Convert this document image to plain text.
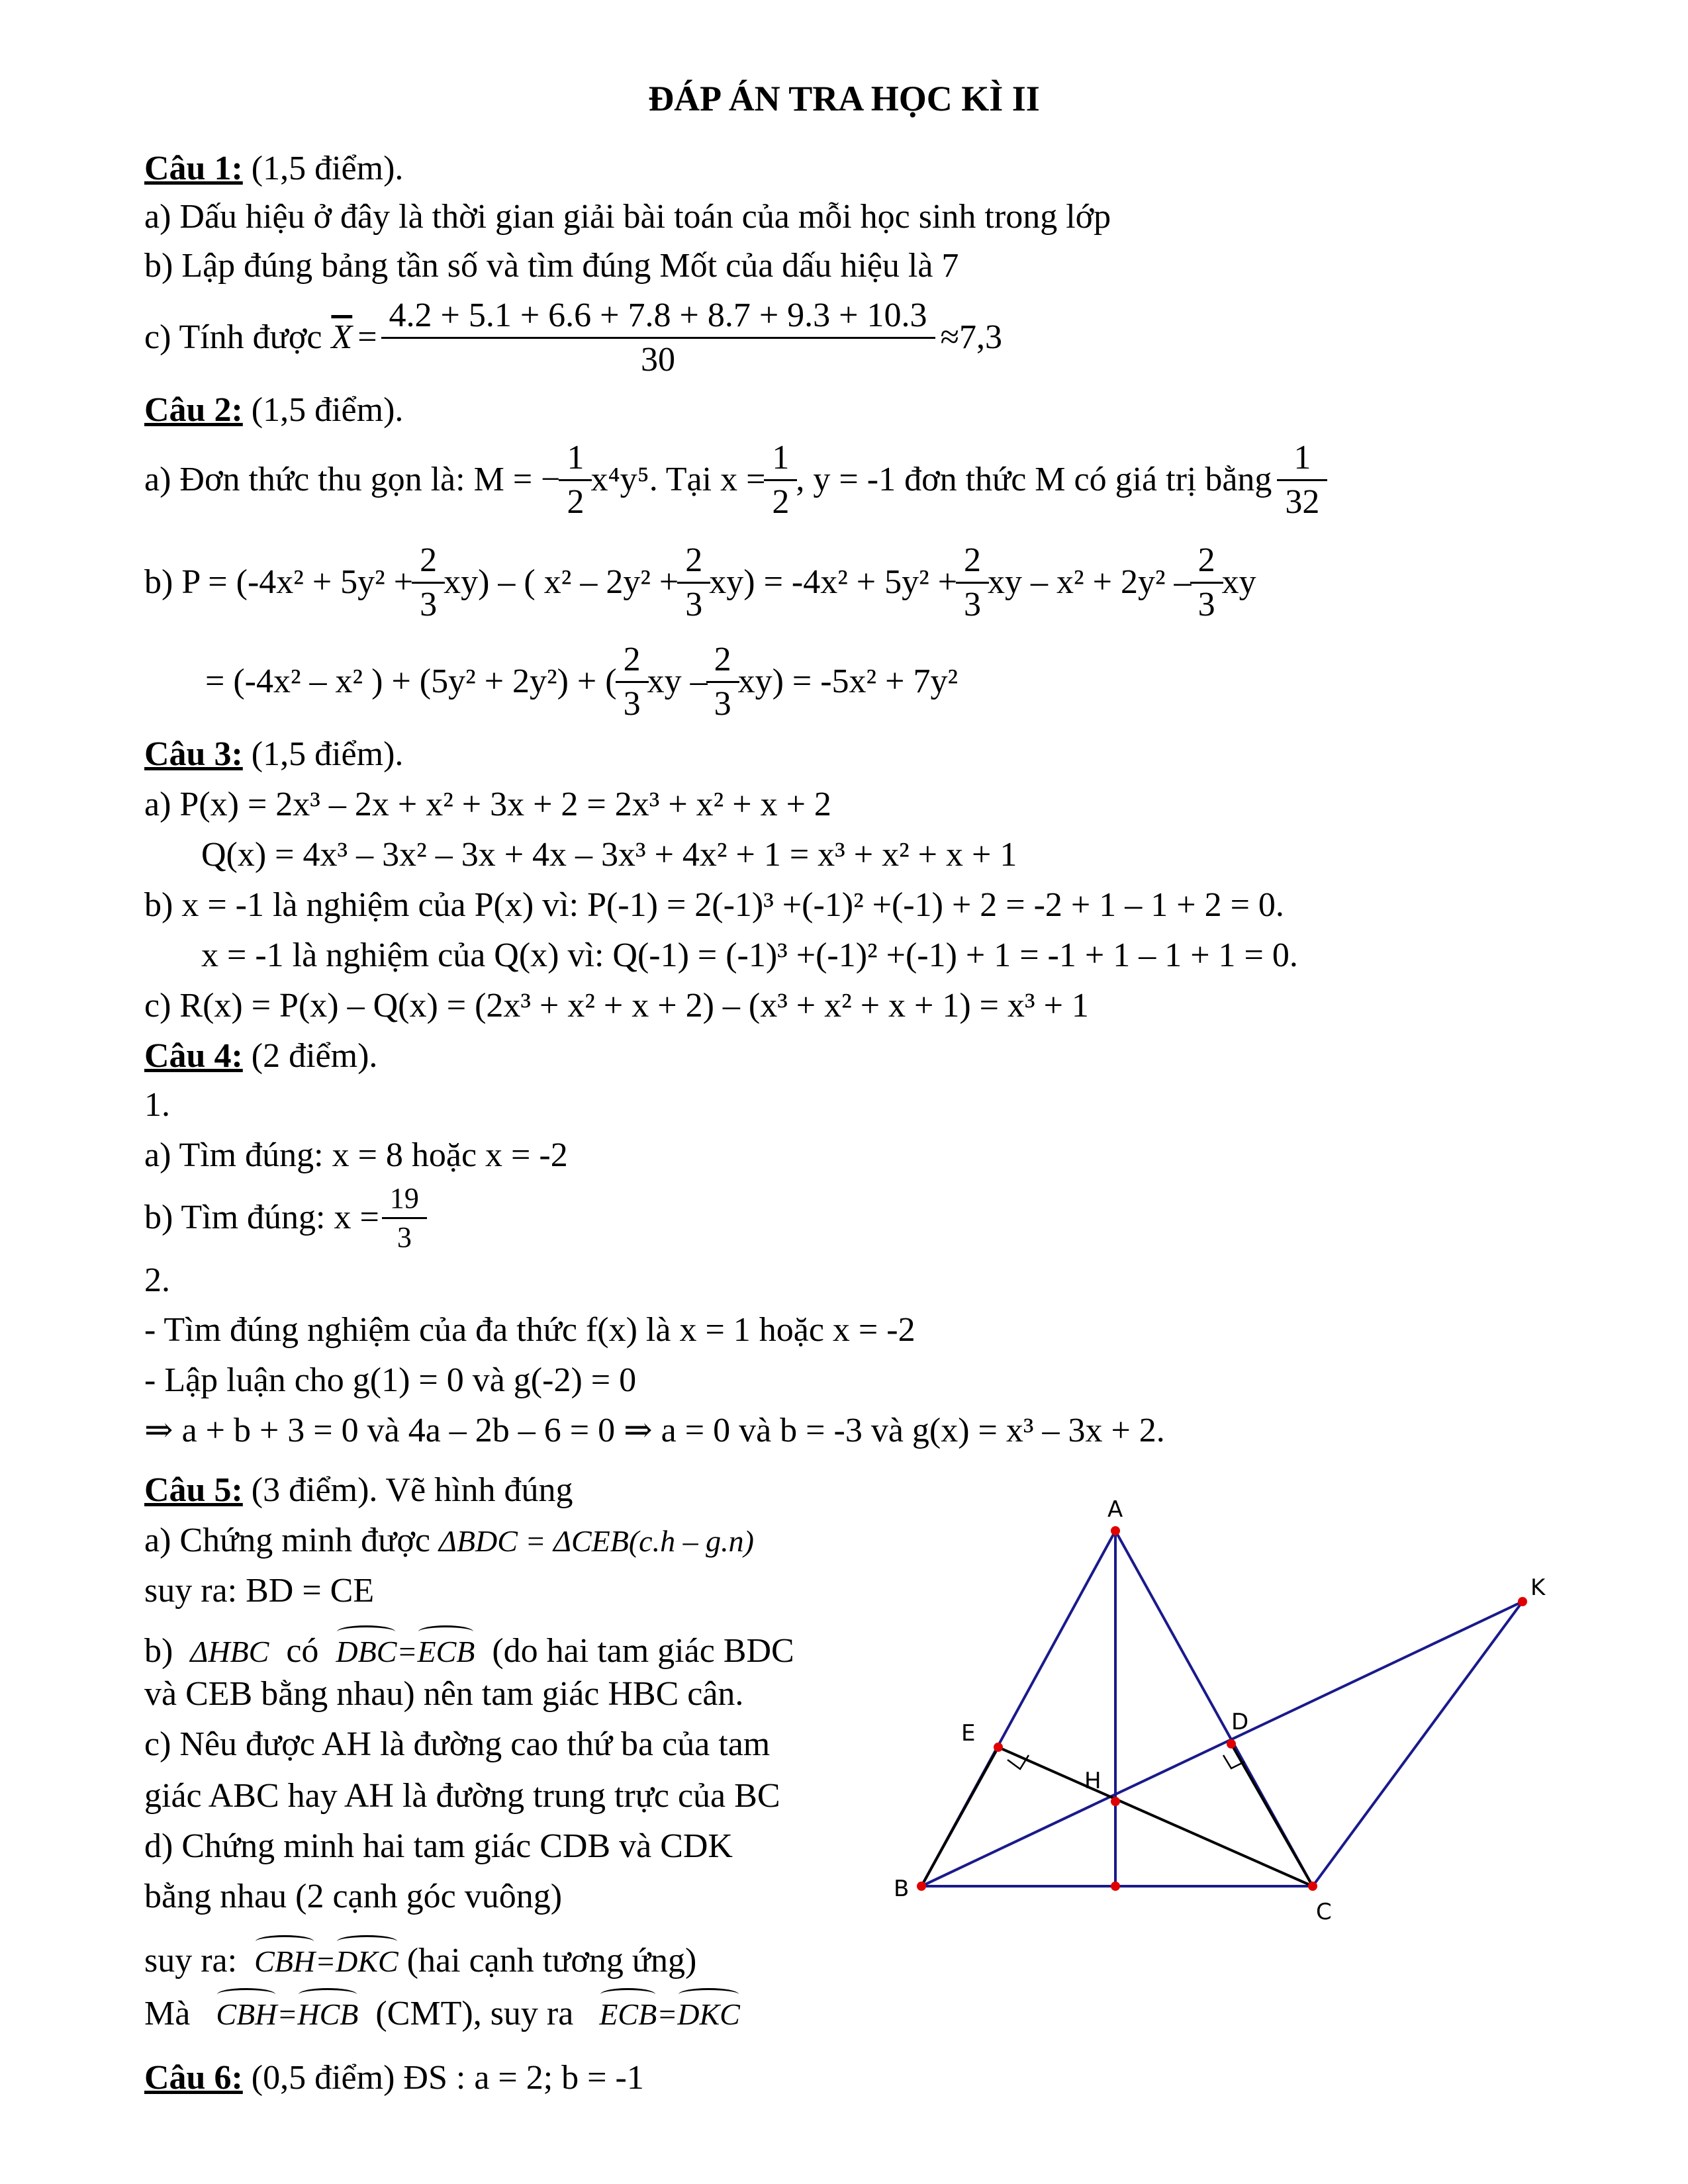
ĐÁP ÁN TRA HỌC KÌ II
Câu 1: (1,5 điểm).
a) Dấu hiệu ở đây là thời gian giải bài toán của mỗi học sinh trong lớp
b) Lập đúng bảng tần số và tìm đúng Mốt của dấu hiệu là 7
c) Tính được $\overline{X} = \frac{4.2 + 5.1 + 6.6 + 7.8 + 8.7 + 9.3 + 10.3}{30} \approx 7,3$
Câu 2: (1,5 điểm).
a) Đơn thức thu gọn là: M = − $\frac{1}{2} x^4y^5$ . Tại $x = \frac{1}{2}$ , y = -1 đơn thức M có giá trị bằng $\frac{1}{32}$
b) $P = (-4x^2 + 5y^2 + \frac{2}{3} xy)$ – ( $x^2 - 2y^2 + \frac{2}{3} xy) = -4x^2 + 5y^2 + \frac{2}{3}$ xy – $x^2 + 2y^2 - \frac{2}{3}$ xy
= (-4x² – x² ) + (5y² + 2y²) + ( $\frac{2}{3}$ xy – $\frac{2}{3} xy) = -5x^2 + 7y^2$
Câu 3: (1,5 điểm).
a) P(x) = 2x³ – 2x + x² + 3x + 2 = 2x³ + x² + x + 2
Q(x) = 4x³ – 3x² – 3x + 4x – 3x³ + 4x² + 1 = x³ + x² + x + 1
b) x = -1 là nghiệm của P(x) vì: P(-1) = 2(-1)³ +(-1)² +(-1) + 2 = -2 + 1 – 1 + 2 = 0.
x = -1 là nghiệm của Q(x) vì: Q(-1) = (-1)³ +(-1)² +(-1) + 1 = -1 + 1 – 1 + 1 = 0.
c) R(x) = P(x) – Q(x) = (2x³ + x² + x + 2) – (x³ + x² + x + 1) = x³ + 1
Câu 4: (2 điểm).
1.
a) Tìm đúng: x = 8 hoặc x = -2
b) Tìm đúng: $x = \frac{19}{3}$
2.
- Tìm đúng nghiệm của đa thức f(x) là x = 1 hoặc x = -2
- Lập luận cho g(1) = 0 và g(-2) = 0
⇒ a + b + 3 = 0 và 4a – 2b – 6 = 0 ⇒ a = 0 và b = -3 và g(x) = x³ – 3x + 2.
Câu 5: (3 điểm). Vẽ hình đúng
a) Chứng minh được ΔBDC = ΔCEB(c.h – g.n)
suy ra: BD = CE
b) ΔHBC có DBC=ECB (do hai tam giác BDC
và CEB bằng nhau) nên tam giác HBC cân.
c) Nêu được AH là đường cao thứ ba của tam
giác ABC hay AH là đường trung trực của BC
d) Chứng minh hai tam giác CDB và CDK
bằng nhau (2 cạnh góc vuông)
suy ra: CBH=DKC (hai cạnh tương ứng)
Mà CBH=HCB (CMT), suy ra ECB=DKC
Câu 6: (0,5 điểm) ĐS : a = 2; b = -1
A
K
E	D
H
B
C
